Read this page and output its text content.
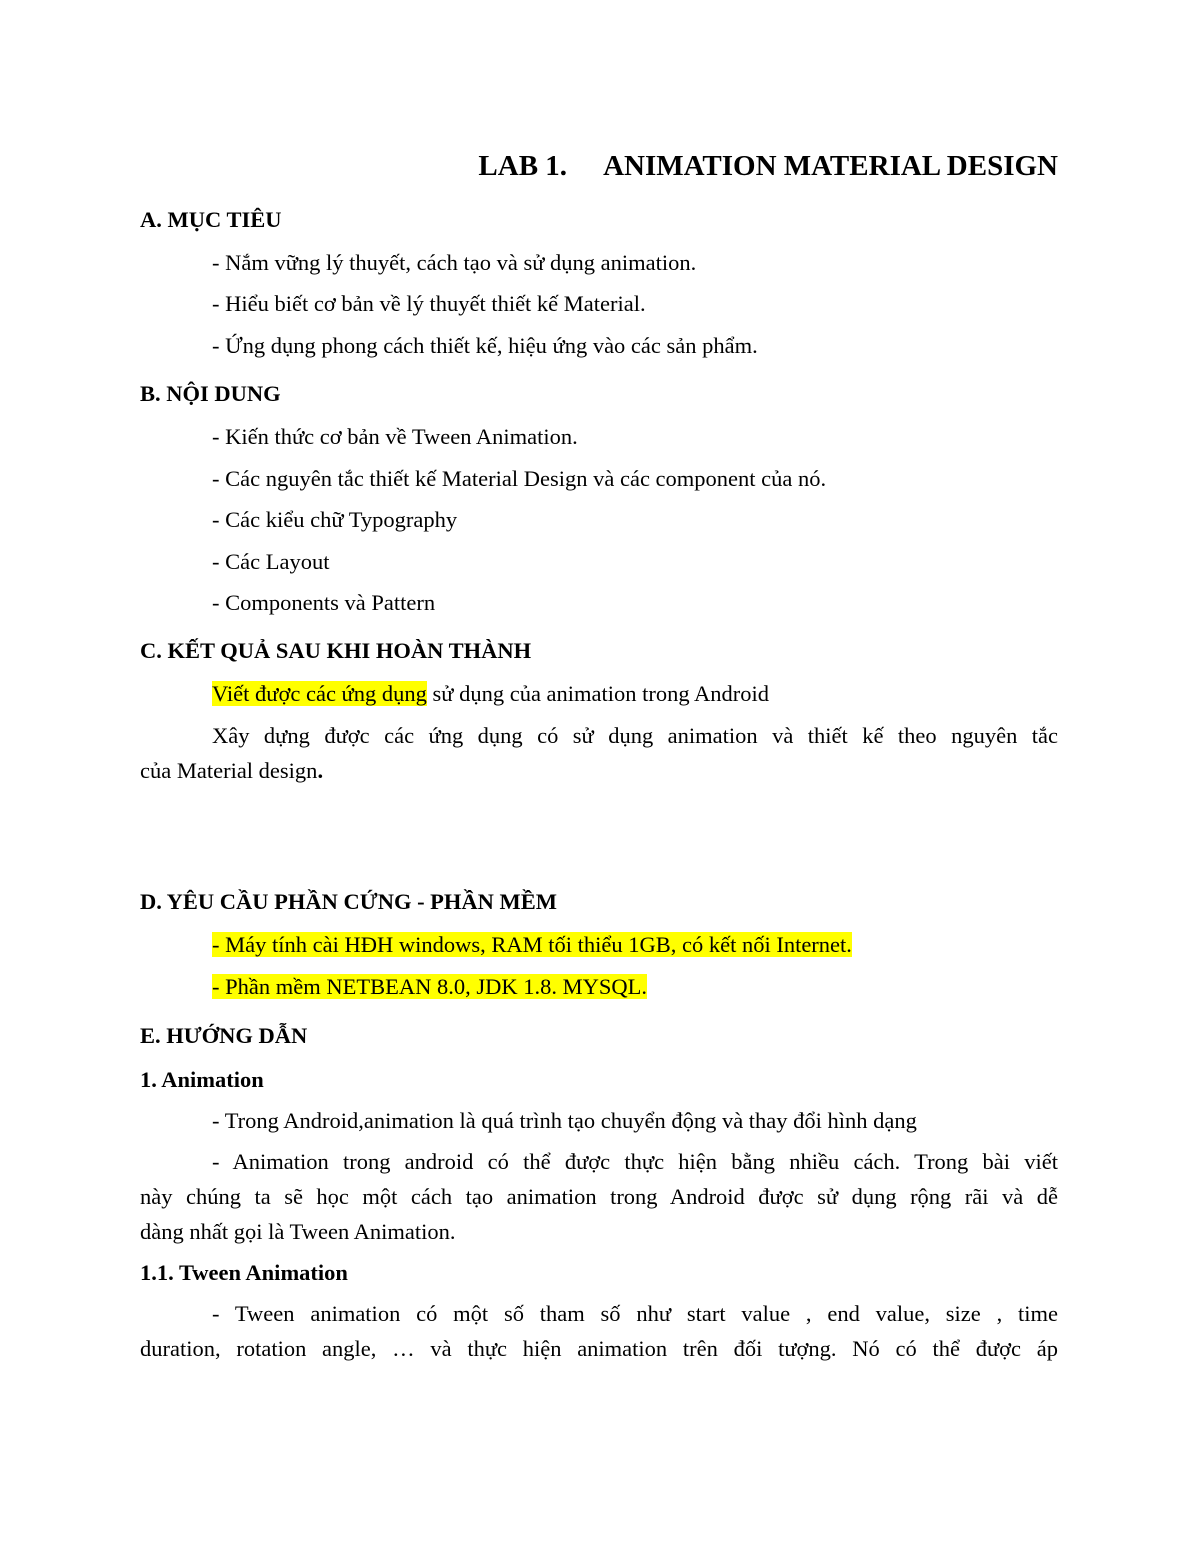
LAB 1. ANIMATION MATERIAL DESIGN
A. MỤC TIÊU
- Nắm vững lý thuyết, cách tạo và sử dụng animation.
- Hiểu biết cơ bản về lý thuyết thiết kế Material.
- Ứng dụng phong cách thiết kế, hiệu ứng vào các sản phẩm.
B. NỘI DUNG
- Kiến thức cơ bản về Tween Animation.
- Các nguyên tắc thiết kế Material Design và các component của nó.
- Các kiểu chữ Typography
- Các Layout
- Components và Pattern
C. KẾT QUẢ SAU KHI HOÀN THÀNH
Viết được các ứng dụng sử dụng của animation trong Android
Xây dựng được các ứng dụng có sử dụng animation và thiết kế theo nguyên tắc
của Material design.
D. YÊU CẦU PHẦN CỨNG - PHẦN MỀM
- Máy tính cài HĐH windows, RAM tối thiểu 1GB, có kết nối Internet.
- Phần mềm NETBEAN 8.0, JDK 1.8. MYSQL.
E. HƯỚNG DẪN
1. Animation
- Trong Android,animation là quá trình tạo chuyển động và thay đổi hình dạng
- Animation trong android có thể được thực hiện bằng nhiều cách. Trong bài viết
này chúng ta sẽ học một cách tạo animation trong Android được sử dụng rộng rãi và dễ
dàng nhất gọi là Tween Animation.
1.1. Tween Animation
- Tween animation có một số tham số như start value , end value, size , time
duration, rotation angle, … và thực hiện animation trên đối tượng. Nó có thể được áp
